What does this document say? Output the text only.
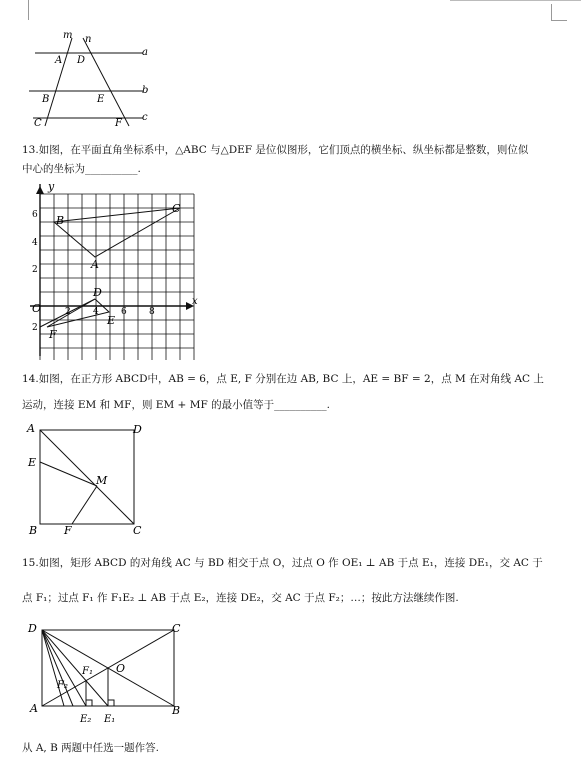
m n
a
b
c
A D
B	E
C	F
13.如图，在平面直角坐标系中，△ABC 与△DEF 是位似图形，它们顶点的横坐标、纵坐标都是整数，则位似
中心的坐标为__________.
y
x
O
6
4
2
2
2 4 6 8
B
C
A
D
E
F
14.如图，在正方形 ABCD中，AB = 6，点 E, F 分别在边 AB, BC 上，AE = BF = 2，点 M 在对角线 AC 上
运动，连接 EM 和 MF，则 EM + MF 的最小值等于__________.
A	D
E
M
B F	C
15.如图，矩形 ABCD 的对角线 AC 与 BD 相交于点 O，过点 O 作 OE₁ ⊥ AB 于点 E₁，连接 DE₁，交 AC 于
点 F₁；过点 F₁ 作 F₁E₂ ⊥ AB 于点 E₂，连接 DE₂，交 AC 于点 F₂；…；按此方法继续作图.
D	C
F₁ O
F₂
A
E₂ E₁
B
从 A, B 两题中任选一题作答.
